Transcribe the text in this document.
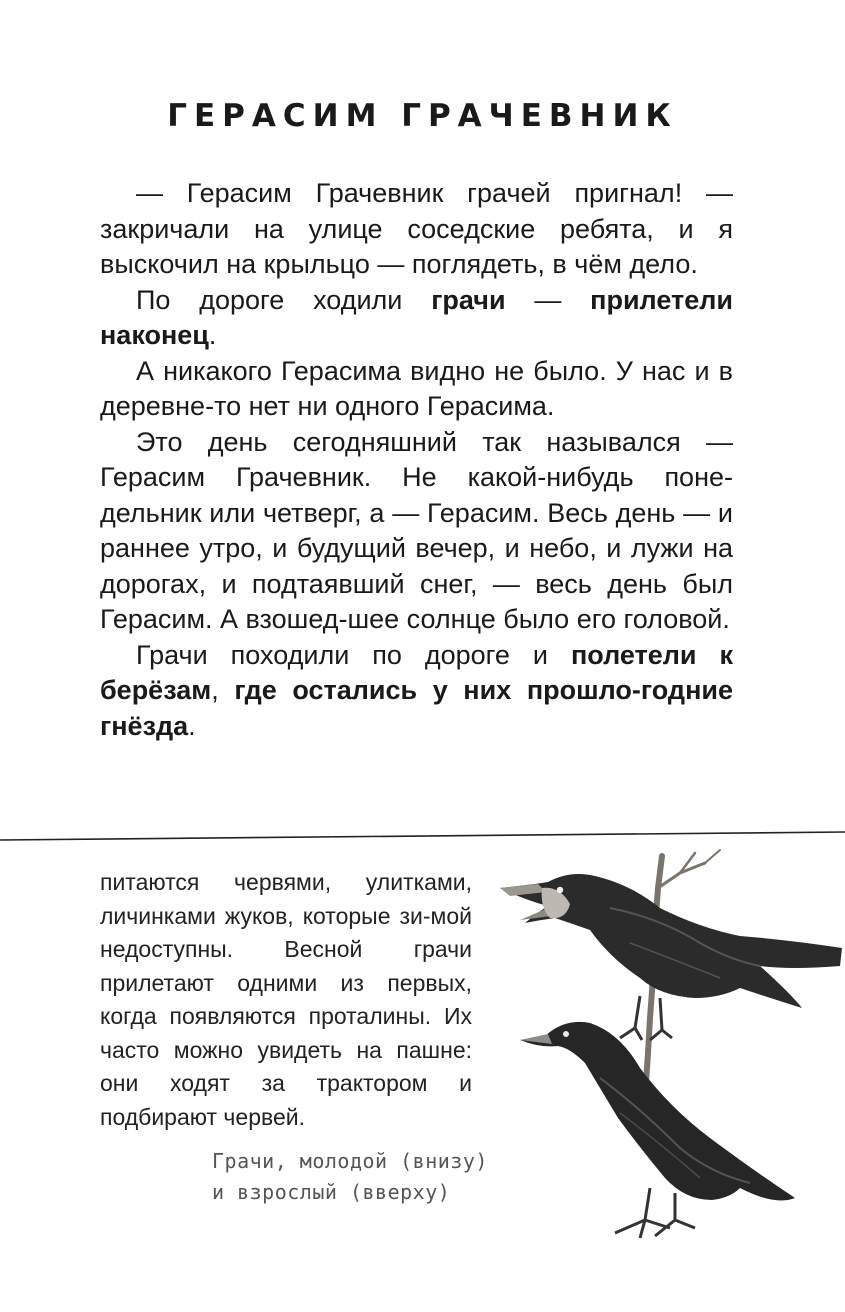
ГЕРАСИМ ГРАЧЕВНИК

— Герасим Грачевник грачей пригнал! — закричали на улице соседские ребята, и я выскочил на крыльцо — поглядеть, в чём дело.

По дороге ходили грачи — прилетели наконец.

А никакого Герасима видно не было. У нас и в деревне-то нет ни одного Герасима.

Это день сегодняшний так назывался — Герасим Грачевник. Не какой-нибудь поне-дельник или четверг, а — Герасим. Весь день — и раннее утро, и будущий вечер, и небо, и лужи на дорогах, и подтаявший снег, — весь день был Герасим. А взошед-шее солнце было его головой.

Грачи походили по дороге и полетели к берёзам, где остались у них прошло-годние гнёзда.

питаются червями, улитками, личинками жуков, которые зи-мой недоступны. Весной грачи прилетают одними из первых, когда появляются проталины. Их часто можно увидеть на пашне: они ходят за трактором и подбирают червей.

Грачи, молодой (внизу)
и взрослый (вверху)
